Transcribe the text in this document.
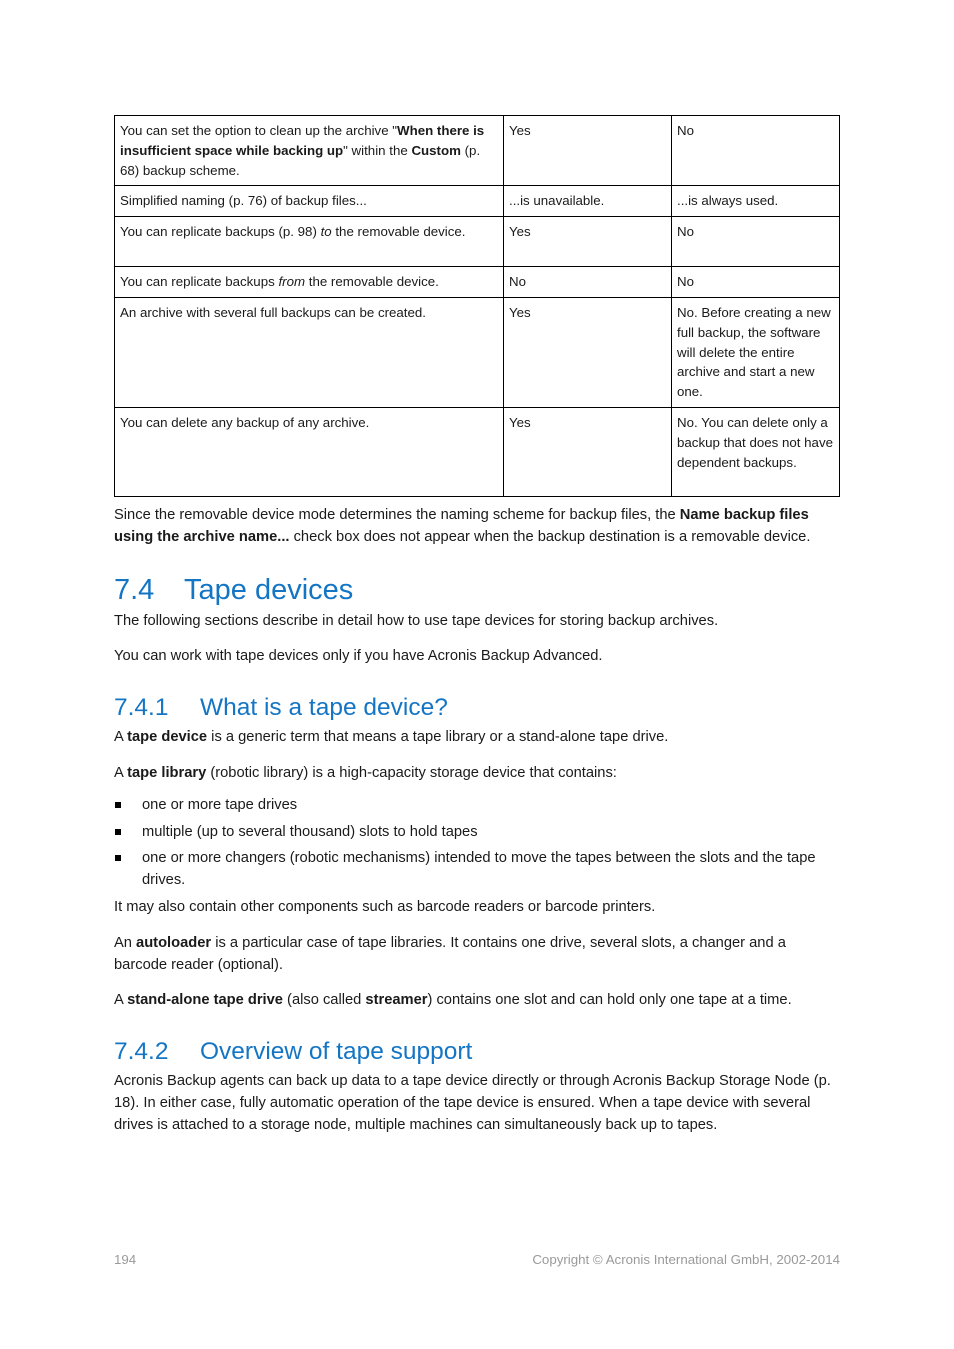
You can set the option to clean up the archive "When there is insufficient space while backing up" within the Custom (p. 68) backup scheme.	Yes	No
Simplified naming (p. 76) of backup files...	...is unavailable.	...is always used.
You can replicate backups (p. 98) to the removable device.	Yes	No
You can replicate backups from the removable device.	No	No
An archive with several full backups can be created.	Yes	No. Before creating a new full backup, the software will delete the entire archive and start a new one.
You can delete any backup of any archive.	Yes	No. You can delete only a backup that does not have dependent backups.

Since the removable device mode determines the naming scheme for backup files, the Name backup files using the archive name... check box does not appear when the backup destination is a removable device.

7.4 Tape devices

The following sections describe in detail how to use tape devices for storing backup archives.

You can work with tape devices only if you have Acronis Backup Advanced.

7.4.1 What is a tape device?

A tape device is a generic term that means a tape library or a stand-alone tape drive.

A tape library (robotic library) is a high-capacity storage device that contains:

one or more tape drives
multiple (up to several thousand) slots to hold tapes
one or more changers (robotic mechanisms) intended to move the tapes between the slots and the tape drives.

It may also contain other components such as barcode readers or barcode printers.

An autoloader is a particular case of tape libraries. It contains one drive, several slots, a changer and a barcode reader (optional).

A stand-alone tape drive (also called streamer) contains one slot and can hold only one tape at a time.

7.4.2 Overview of tape support

Acronis Backup agents can back up data to a tape device directly or through Acronis Backup Storage Node (p. 18). In either case, fully automatic operation of the tape device is ensured. When a tape device with several drives is attached to a storage node, multiple machines can simultaneously back up to tapes.

194	Copyright © Acronis International GmbH, 2002-2014
